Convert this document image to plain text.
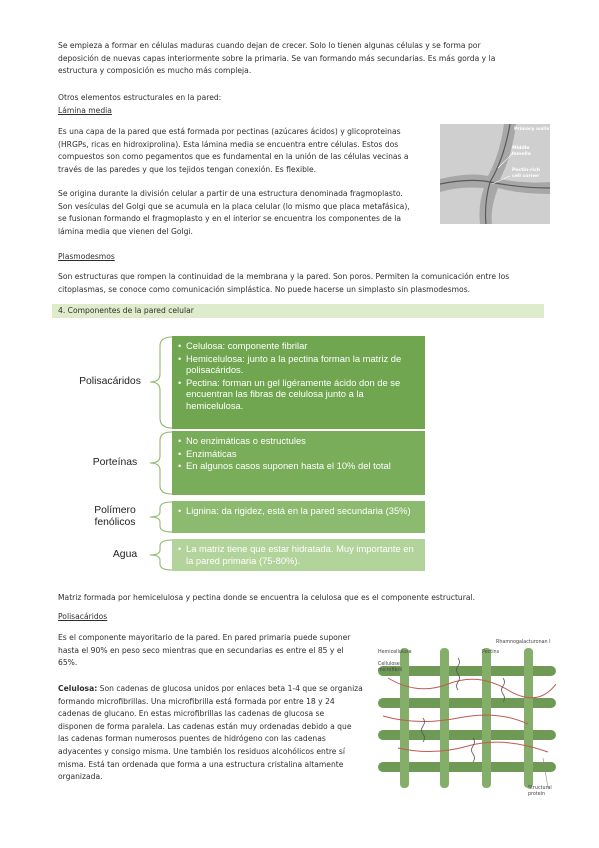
Se empieza a formar en células maduras cuando dejan de crecer. Solo lo tienen algunas células y se forma por
deposición de nuevas capas interiormente sobre la primaria. Se van formando más secundarias. Es más gorda y la
estructura y composición es mucho más compleja.
Otros elementos estructurales en la pared:
Lámina media
Es una capa de la pared que está formada por pectinas (azúcares ácidos) y glicoproteinas
(HRGPs, ricas en hidroxiprolina). Esta lámina media se encuentra entre células. Estos dos
compuestos son como pegamentos que es fundamental en la unión de las células vecinas a
través de las paredes y que los tejidos tengan conexión. Es flexible.
Se origina durante la división celular a partir de una estructura denominada fragmoplasto.
Son vesículas del Golgi que se acumula en la placa celular (lo mismo que placa metafásica),
se fusionan formando el fragmoplasto y en el interior se encuentra los componentes de la
lámina media que vienen del Golgi.
Primary walls
Middle lamella
Pectin-rich cell corner
Plasmodesmos
Son estructuras que rompen la continuidad de la membrana y la pared. Son poros. Permiten la comunicación entre los
citoplasmas, se conoce como comunicación simplástica. No puede hacerse un simplasto sin plasmodesmos.
4. Componentes de la pared celular
Polisacáridos
Porteínas
Polímero fenólicos
Agua
• Celulosa: componente fibrilar
• Hemicelulosa: junto a la pectina forman la matriz de polisacáridos.
• Pectina: forman un gel ligéramente ácido don de se encuentran las fibras de celulosa junto a la hemicelulosa.
• No enzimáticas o estructules
• Enzimáticas
• En algunos casos suponen hasta el 10% del total
• Lignina: da rigidez, está en la pared secundaria (35%)
• La matriz tiene que estar hidratada. Muy importante en la pared primaria (75-80%).
Matriz formada por hemicelulosa y pectina donde se encuentra la celulosa que es el componente estructural.
Polisacáridos
Es el componente mayoritario de la pared. En pared primaria puede suponer
hasta el 90% en peso seco mientras que en secundarias es entre el 85 y el
65%.
Celulosa: Son cadenas de glucosa unidos por enlaces beta 1-4 que se organiza
formando microfibrillas. Una microfibrilla está formada por entre 18 y 24
cadenas de glucano. En estas microfibrillas las cadenas de glucosa se
disponen de forma paralela. Las cadenas están muy ordenadas debido a que
las cadenas forman numerosos puentes de hidrógeno con las cadenas
adyacentes y consigo misma. Une también los residuos alcohólicos entre sí
misma. Está tan ordenada que forma a una estructura cristalina altamente
organizada.
Hemicellulose
Cellulose microfibril
Pectins
Rhamnogalacturonan I
Structural protein
